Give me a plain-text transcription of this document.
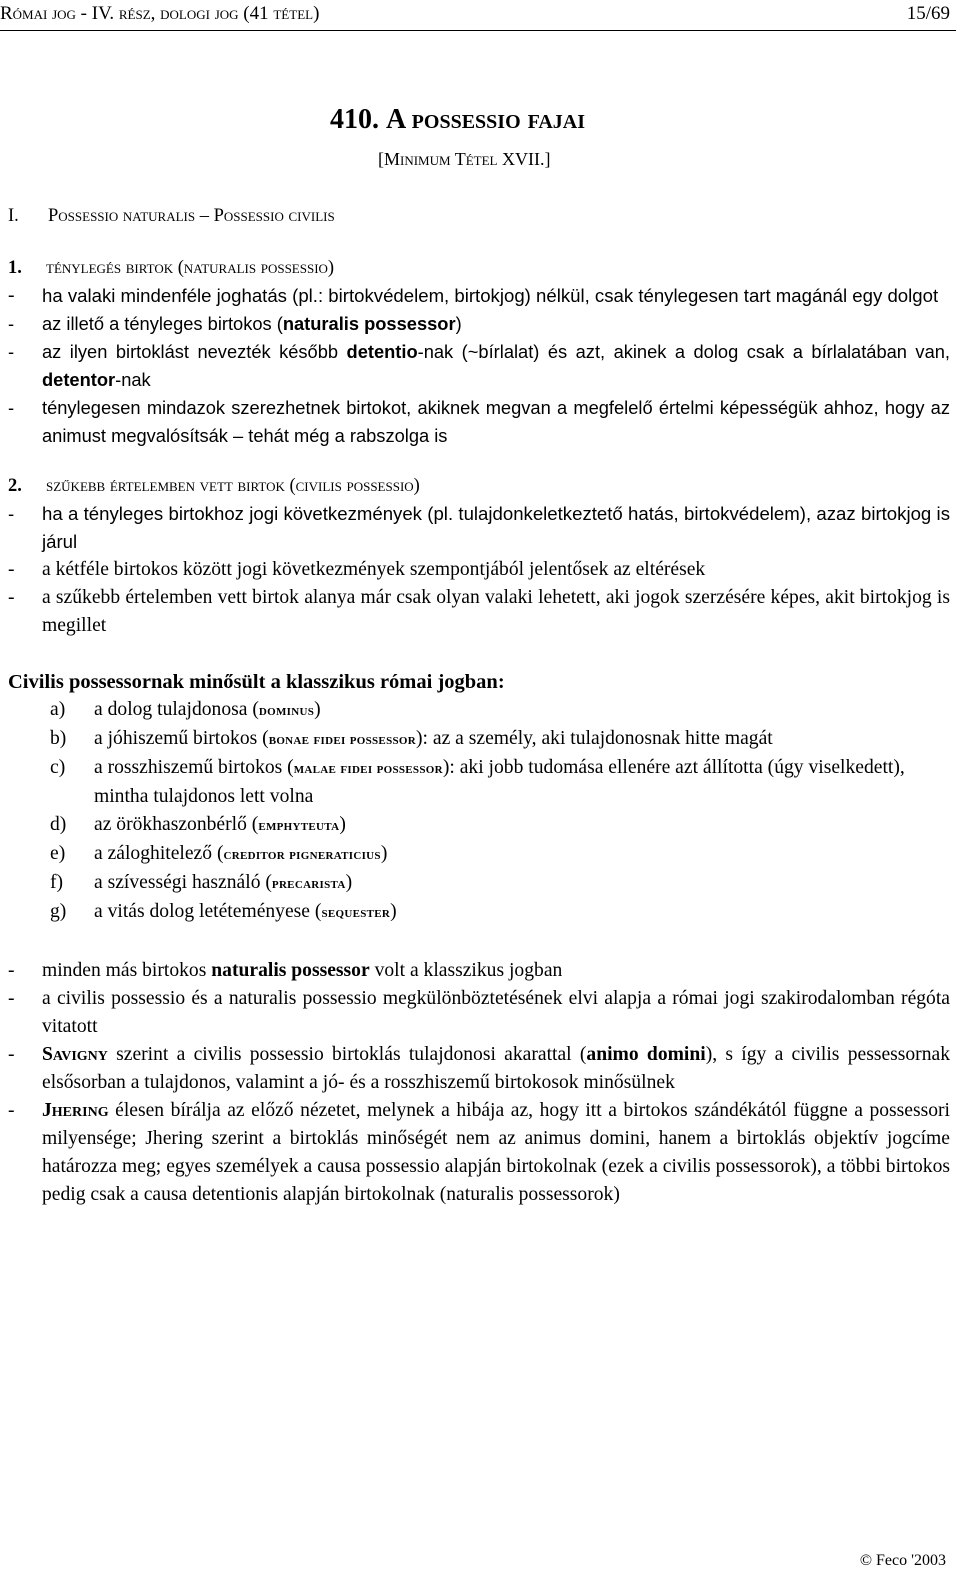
Római jog - IV. rész, dologi jog (41 tétel)	15/69
410. A possessio fajai
[Minimum Tétel XVII.]
I. Possessio naturalis – Possessio civilis
1. ténylegés birtok (naturalis possessio)
-	ha valaki mindenféle joghatás (pl.: birtokvédelem, birtokjog) nélkül, csak ténylegesen tart magánál egy dolgot
-	az illető a tényleges birtokos (naturalis possessor)
-	az ilyen birtoklást nevezték később detentio-nak (~bírlalat) és azt, akinek a dolog csak a bírlalatában van, detentor-nak
-	ténylegesen mindazok szerezhetnek birtokot, akiknek megvan a megfelelő értelmi képességük ahhoz, hogy az animust megvalósítsák – tehát még a rabszolga is
2. szűkebb értelemben vett birtok (civilis possessio)
-	ha a tényleges birtokhoz jogi következmények (pl. tulajdonkeletkeztető hatás, birtokvédelem), azaz birtokjog is járul
-	a kétféle birtokos között jogi következmények szempontjából jelentősek az eltérések
-	a szűkebb értelemben vett birtok alanya már csak olyan valaki lehetett, aki jogok szerzésére képes, akit birtokjog is megillet
Civilis possessornak minősült a klasszikus római jogban:
a)	a dolog tulajdonosa (dominus)
b)	a jóhiszemű birtokos (bonae fidei possessor): az a személy, aki tulajdonosnak hitte magát
c)	a rosszhiszemű birtokos (malae fidei possessor): aki jobb tudomása ellenére azt állította (úgy viselkedett), mintha tulajdonos lett volna
d)	az örökhaszonbérlő (emphyteuta)
e)	a záloghitelező (creditor pigneraticius)
f)	a szívességi használó (precarista)
g)	a vitás dolog letéteményese (sequester)
-	minden más birtokos naturalis possessor volt a klasszikus jogban
-	a civilis possessio és a naturalis possessio megkülönböztetésének elvi alapja a római jogi szakirodalomban régóta vitatott
-	Savigny szerint a civilis possessio birtoklás tulajdonosi akarattal (animo domini), s így a civilis pessessornak elsősorban a tulajdonos, valamint a jó- és a rosszhiszemű birtokosok minősülnek
-	Jhering élesen bírálja az előző nézetet, melynek a hibája az, hogy itt a birtokos szándékától függne a possessori milyensége; Jhering szerint a birtoklás minőségét nem az animus domini, hanem a birtoklás objektív jogcíme határozza meg; egyes személyek a causa possessio alapján birtokolnak (ezek a civilis possessorok), a többi birtokos pedig csak a causa detentionis alapján birtokolnak (naturalis possessorok)
© Feco '2003
